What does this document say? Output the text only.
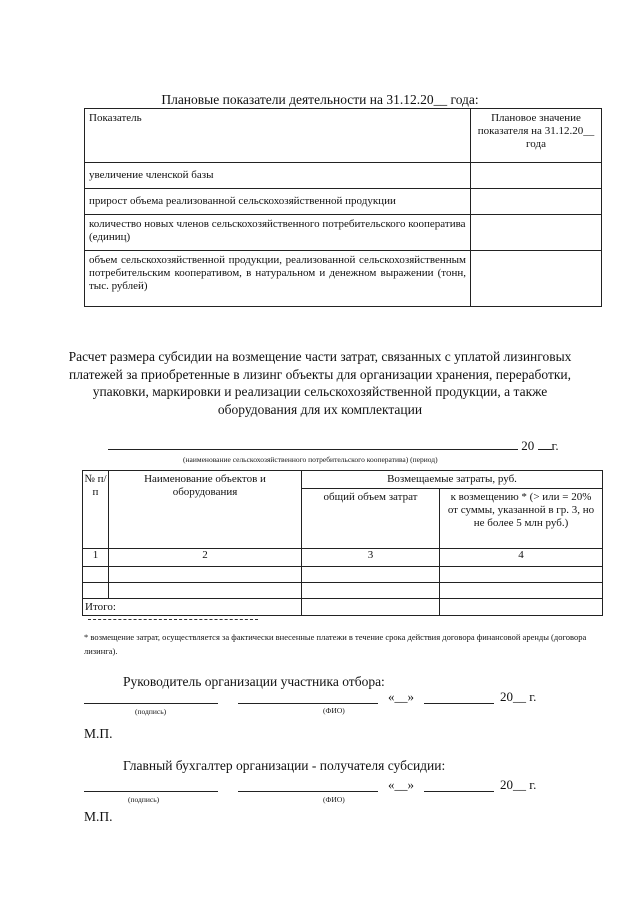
Плановые показатели деятельности на 31.12.20__ года:
Показатель	Плановое значение показателя на 31.12.20__ года
увеличение членской базы	
прирост объема реализованной сельскохозяйственной продукции	
количество новых членов сельскохозяйственного потребительского кооператива (единиц)	
объем сельскохозяйственной продукции, реализованной сельскохозяйственным потребительским кооперативом, в натуральном и денежном выражении (тонн, тыс. рублей)	
Расчет размера субсидии на возмещение части затрат, связанных с уплатой лизинговых платежей за приобретенные в лизинг объекты для организации хранения, переработки, упаковки, маркировки и реализации сельскохозяйственной продукции, а также оборудования для их комплектации
20 г.
(наименование сельскохозяйственного потребительского кооператива) (период)
№ п/п	Наименование объектов и оборудования	Возмещаемые затраты, руб.	
		общий объем затрат	к возмещению * (> или = 20% от суммы, указанной в гр. 3, но не более 5 млн руб.)
1	2	3	4

Итого:			
* возмещение затрат, осуществляется за фактически внесенные платежи в течение срока действия договора финансовой аренды (договора лизинга).
Руководитель организации участника отбора:
«__»	20__ г.
(подпись)	(ФИО)
М.П.
Главный бухгалтер организации - получателя субсидии:
«__»	20__ г.
(подпись)	(ФИО)
М.П.
